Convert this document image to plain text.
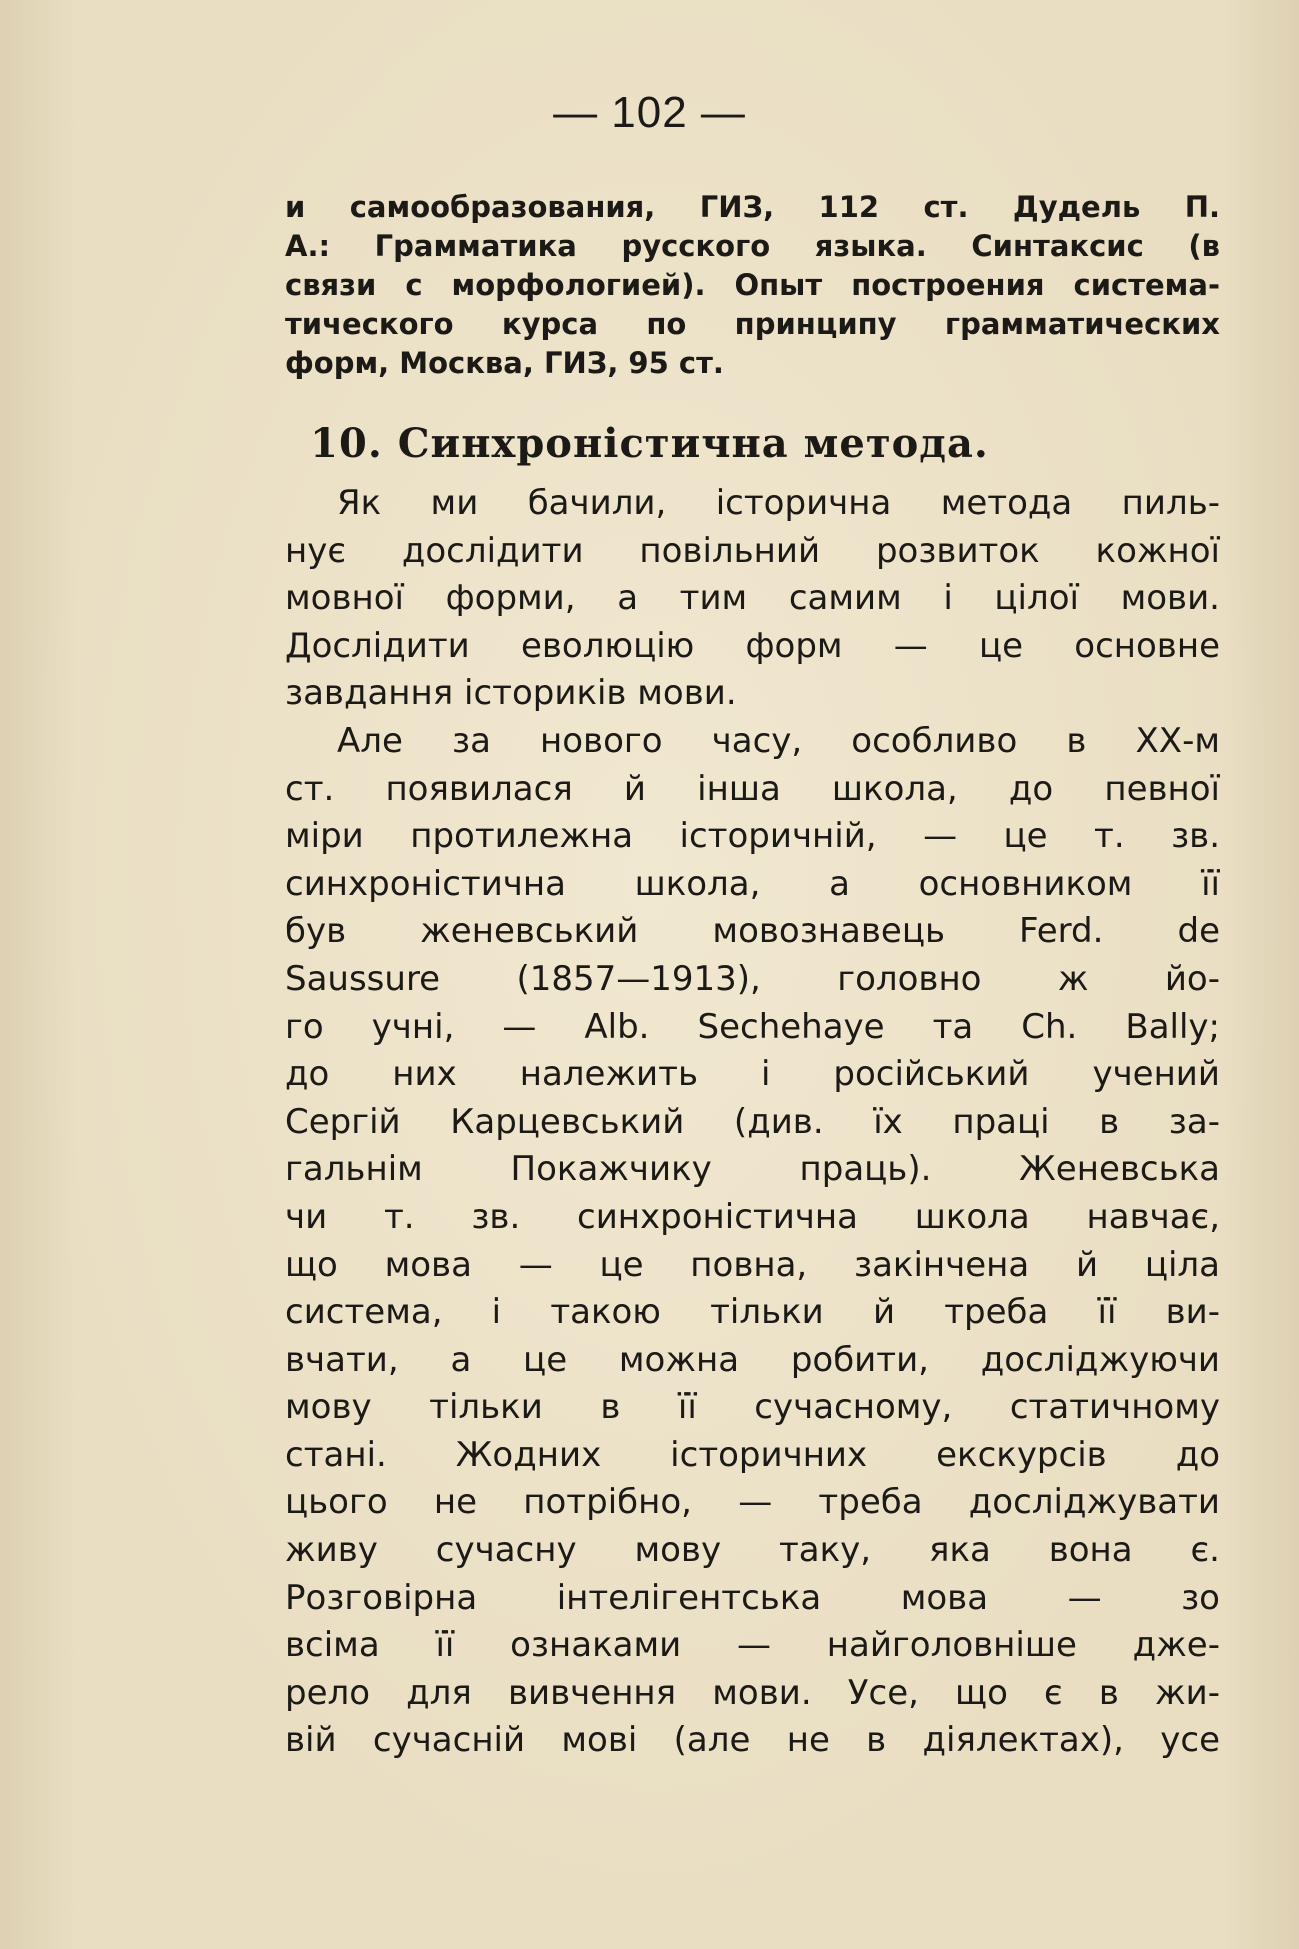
— 102 —
и самообразования, ГИЗ, 112 ст. Дудель П.
А.: Грамматика русского языка. Синтаксис (в
связи с морфологией). Опыт построения система-
тического курса по принципу грамматических
форм, Москва, ГИЗ, 95 ст.
10. Синхроністична метода.
Як ми бачили, історична метода пиль-
нує дослідити повільний розвиток кожної
мовної форми, а тим самим і цілої мови.
Дослідити еволюцію форм — це основне
завдання істориків мови.
Але за нового часу, особливо в ХХ-м
ст. появилася й інша школа, до певної
міри протилежна історичній, — це т. зв.
синхроністична школа, а основником її
був женевський мовознавець Ferd. de
Saussure (1857—1913), головно ж йо-
го учні, — Alb. Sechehaye та Ch. Bally;
до них належить і російський учений
Сергій Карцевський (див. їх праці в за-
гальнім Покажчику праць). Женевська
чи т. зв. синхроністична школа навчає,
що мова — це повна, закінчена й ціла
система, і такою тільки й треба її ви-
вчати, а це можна робити, досліджуючи
мову тільки в її сучасному, статичному
стані. Жодних історичних екскурсів до
цього не потрібно, — треба досліджувати
живу сучасну мову таку, яка вона є.
Розговірна інтелігентська мова — зо
всіма її ознаками — найголовніше дже-
рело для вивчення мови. Усе, що є в жи-
вій сучасній мові (але не в діялектах), усе
